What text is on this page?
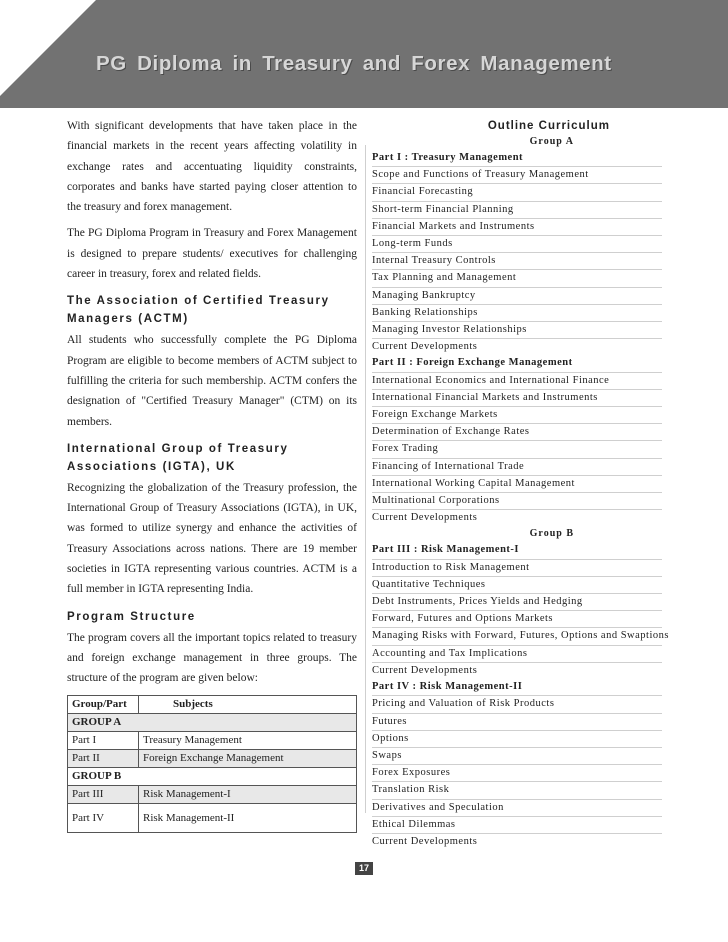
PG Diploma in Treasury and Forex Management

With significant developments that have taken place in the financial markets in the recent years affecting volatility in exchange rates and accentuating liquidity constraints, corporates and banks have started paying closer attention to the treasury and forex management.

The PG Diploma Program in Treasury and Forex Management is designed to prepare students/ executives for challenging career in treasury, forex and related fields.

The Association of Certified Treasury Managers (ACTM)

All students who successfully complete the PG Diploma Program are eligible to become members of ACTM subject to fulfilling the criteria for such membership. ACTM confers the designation of "Certified Treasury Manager" (CTM) on its members.

International Group of Treasury Associations (IGTA), UK

Recognizing the globalization of the Treasury profession, the International Group of Treasury Associations (IGTA), in UK, was formed to utilize synergy and enhance the activities of Treasury Associations across nations. There are 19 member societies in IGTA representing various countries. ACTM is a full member in IGTA representing India.

Program Structure

The program covers all the important topics related to treasury and foreign exchange management in three groups. The structure of the program are given below:

Group/Part	Subjects
GROUP A	
Part I	Treasury Management
Part II	Foreign Exchange Management
GROUP B	
Part III	Risk Management-I
Part IV	Risk Management-II
Outline Curriculum
Group A
Part I : Treasury Management
Scope and Functions of Treasury Management
Financial Forecasting
Short-term Financial Planning
Financial Markets and Instruments
Long-term Funds
Internal Treasury Controls
Tax Planning and Management
Managing Bankruptcy
Banking Relationships
Managing Investor Relationships
Current Developments
Part II : Foreign Exchange Management
International Economics and International Finance
International Financial Markets and Instruments
Foreign Exchange Markets
Determination of Exchange Rates
Forex Trading
Financing of International Trade
International Working Capital Management
Multinational Corporations
Current Developments
Group B
Part III : Risk Management-I
Introduction to Risk Management
Quantitative Techniques
Debt Instruments, Prices Yields and Hedging
Forward, Futures and Options Markets
Managing Risks with Forward, Futures, Options and Swaptions
Accounting and Tax Implications
Current Developments
Part IV : Risk Management-II
Pricing and Valuation of Risk Products
Futures
Options
Swaps
Forex Exposures
Translation Risk
Derivatives and Speculation
Ethical Dilemmas
Current Developments
17
